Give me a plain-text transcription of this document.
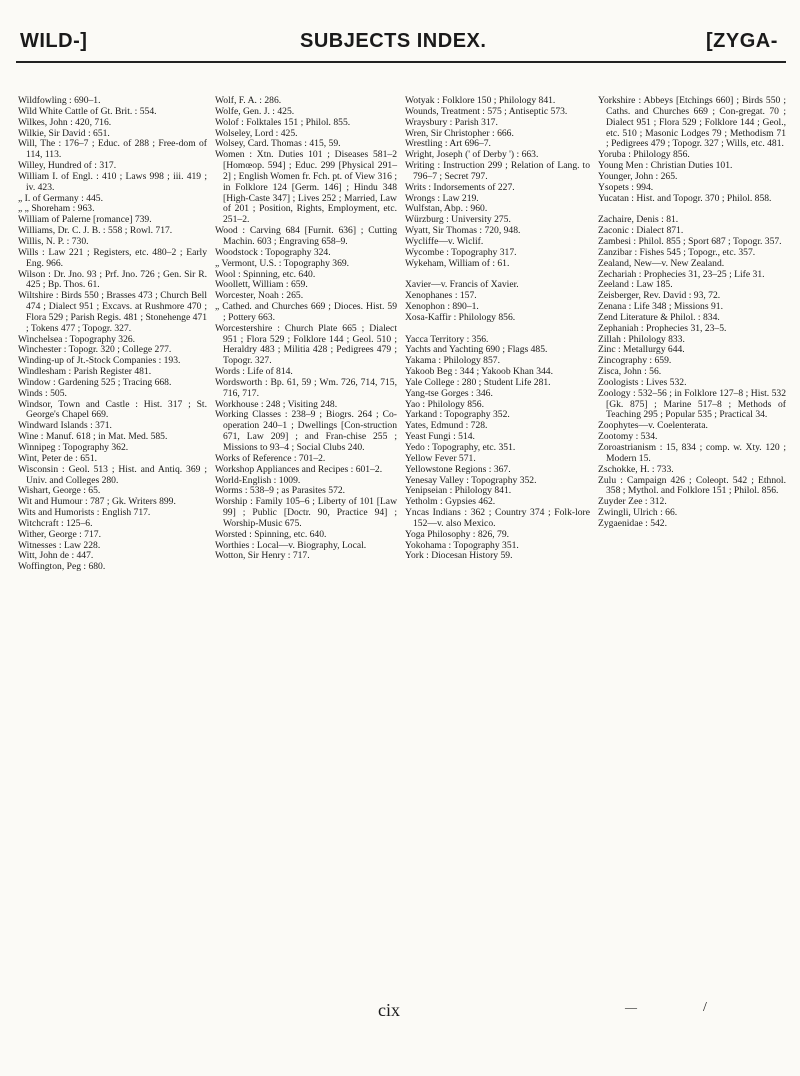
WILD-]	SUBJECTS INDEX.	[ZYGA-
Wildfowling : 690–1.
Wild White Cattle of Gt. Brit. : 554.
Wilkes, John : 420, 716.
Wilkie, Sir David : 651.
Will, The : 176–7 ; Educ. of 288 ; Free-dom of 114, 113.
Willey, Hundred of : 317.
William I. of Engl. : 410 ; Laws 998 ; iii. 419 ; iv. 423.
„ I. of Germany : 445.
„ „ Shoreham : 963.
William of Palerne [romance] 739.
Williams, Dr. C. J. B. : 558 ; Rowl. 717.
Willis, N. P. : 730.
Wills : Law 221 ; Registers, etc. 480–2 ; Early Eng. 966.
Wilson : Dr. Jno. 93 ; Prf. Jno. 726 ; Gen. Sir R. 425 ; Bp. Thos. 61.
Wiltshire : Birds 550 ; Brasses 473 ; Church Bell 474 ; Dialect 951 ; Excavs. at Rushmore 470 ; Flora 529 ; Parish Regis. 481 ; Stonehenge 471 ; Tokens 477 ; Topogr. 327.
Winchelsea : Topography 326.
Winchester : Topogr. 320 ; College 277.
Winding-up of Jt.-Stock Companies : 193.
Windlesham : Parish Register 481.
Window : Gardening 525 ; Tracing 668.
Winds : 505.
Windsor, Town and Castle : Hist. 317 ; St. George's Chapel 669.
Windward Islands : 371.
Wine : Manuf. 618 ; in Mat. Med. 585.
Winnipeg : Topography 362.
Wint, Peter de : 651.
Wisconsin : Geol. 513 ; Hist. and Antiq. 369 ; Univ. and Colleges 280.
Wishart, George : 65.
Wit and Humour : 787 ; Gk. Writers 899.
Wits and Humorists : English 717.
Witchcraft : 125–6.
Wither, George : 717.
Witnesses : Law 228.
Witt, John de : 447.
Woffington, Peg : 680.
Wolf, F. A. : 286.
Wolfe, Gen. J. : 425.
Wolof : Folktales 151 ; Philol. 855.
Wolseley, Lord : 425.
Wolsey, Card. Thomas : 415, 59.
Women : Xtn. Duties 101 ; Diseases 581–2 [Homœop. 594] ; Educ. 299 [Physical 291–2] ; English Women fr. Fch. pt. of View 316 ; in Folklore 124 [Germ. 146] ; Hindu 348 [High-Caste 347] ; Lives 252 ; Married, Law of 201 ; Position, Rights, Employment, etc. 251–2.
Wood : Carving 684 [Furnit. 636] ; Cutting Machin. 603 ; Engraving 658–9.
Woodstock : Topography 324.
„ Vermont, U.S. : Topography 369.
Wool : Spinning, etc. 640.
Woollett, William : 659.
Worcester, Noah : 265.
„ Cathed. and Churches 669 ; Dioces. Hist. 59 ; Pottery 663.
Worcestershire : Church Plate 665 ; Dialect 951 ; Flora 529 ; Folklore 144 ; Geol. 510 ; Heraldry 483 ; Militia 428 ; Pedigrees 479 ; Topogr. 327.
Words : Life of 814.
Wordsworth : Bp. 61, 59 ; Wm. 726, 714, 715, 716, 717.
Workhouse : 248 ; Visiting 248.
Working Classes : 238–9 ; Biogrs. 264 ; Co-operation 240–1 ; Dwellings [Con-struction 671, Law 209] ; and Fran-chise 255 ; Missions to 93–4 ; Social Clubs 240.
Works of Reference : 701–2.
Workshop Appliances and Recipes : 601–2.
World-English : 1009.
Worms : 538–9 ; as Parasites 572.
Worship : Family 105–6 ; Liberty of 101 [Law 99] ; Public [Doctr. 90, Practice 94] ; Worship-Music 675.
Worsted : Spinning, etc. 640.
Worthies : Local—v. Biography, Local.
Wotton, Sir Henry : 717.
Wotyak : Folklore 150 ; Philology 841.
Wounds, Treatment : 575 ; Antiseptic 573.
Wraysbury : Parish 317.
Wren, Sir Christopher : 666.
Wrestling : Art 696–7.
Wright, Joseph (' of Derby ') : 663.
Writing : Instruction 299 ; Relation of Lang. to 796–7 ; Secret 797.
Writs : Indorsements of 227.
Wrongs : Law 219.
Wulfstan, Abp. : 960.
Würzburg : University 275.
Wyatt, Sir Thomas : 720, 948.
Wycliffe—v. Wiclif.
Wycombe : Topography 317.
Wykeham, William of : 61.
Xavier—v. Francis of Xavier.
Xenophanes : 157.
Xenophon : 890–1.
Xosa-Kaffir : Philology 856.
Yacca Territory : 356.
Yachts and Yachting 690 ; Flags 485.
Yakama : Philology 857.
Yakoob Beg : 344 ; Yakoob Khan 344.
Yale College : 280 ; Student Life 281.
Yang-tse Gorges : 346.
Yao : Philology 856.
Yarkand : Topography 352.
Yates, Edmund : 728.
Yeast Fungi : 514.
Yedo : Topography, etc. 351.
Yellow Fever 571.
Yellowstone Regions : 367.
Yenesay Valley : Topography 352.
Yenipseian : Philology 841.
Yetholm : Gypsies 462.
Yncas Indians : 362 ; Country 374 ; Folk-lore 152—v. also Mexico.
Yoga Philosophy : 826, 79.
Yokohama : Topography 351.
York : Diocesan History 59.
Yorkshire : Abbeys [Etchings 660] ; Birds 550 ; Caths. and Churches 669 ; Con-gregat. 70 ; Dialect 951 ; Flora 529 ; Folklore 144 ; Geol., etc. 510 ; Masonic Lodges 79 ; Methodism 71 ; Pedigrees 479 ; Topogr. 327 ; Wills, etc. 481.
Yoruba : Philology 856.
Young Men : Christian Duties 101.
Younger, John : 265.
Ysopets : 994.
Yucatan : Hist. and Topogr. 370 ; Philol. 858.
Zachaire, Denis : 81.
Zaconic : Dialect 871.
Zambesi : Philol. 855 ; Sport 687 ; Topogr. 357.
Zanzibar : Fishes 545 ; Topogr., etc. 357.
Zealand, New—v. New Zealand.
Zechariah : Prophecies 31, 23–25 ; Life 31.
Zeeland : Law 185.
Zeisberger, Rev. David : 93, 72.
Zenana : Life 348 ; Missions 91.
Zend Literature & Philol. : 834.
Zephaniah : Prophecies 31, 23–5.
Zillah : Philology 833.
Zinc : Metallurgy 644.
Zincography : 659.
Zisca, John : 56.
Zoologists : Lives 532.
Zoology : 532–56 ; in Folklore 127–8 ; Hist. 532 [Gk. 875] ; Marine 517–8 ; Methods of Teaching 295 ; Popular 535 ; Practical 34.
Zoophytes—v. Coelenterata.
Zootomy : 534.
Zoroastrianism : 15, 834 ; comp. w. Xty. 120 ; Modern 15.
Zschokke, H. : 733.
Zulu : Campaign 426 ; Coleopt. 542 ; Ethnol. 358 ; Mythol. and Folklore 151 ; Philol. 856.
Zuyder Zee : 312.
Zwingli, Ulrich : 66.
Zygaenidae : 542.
cix	—	/
